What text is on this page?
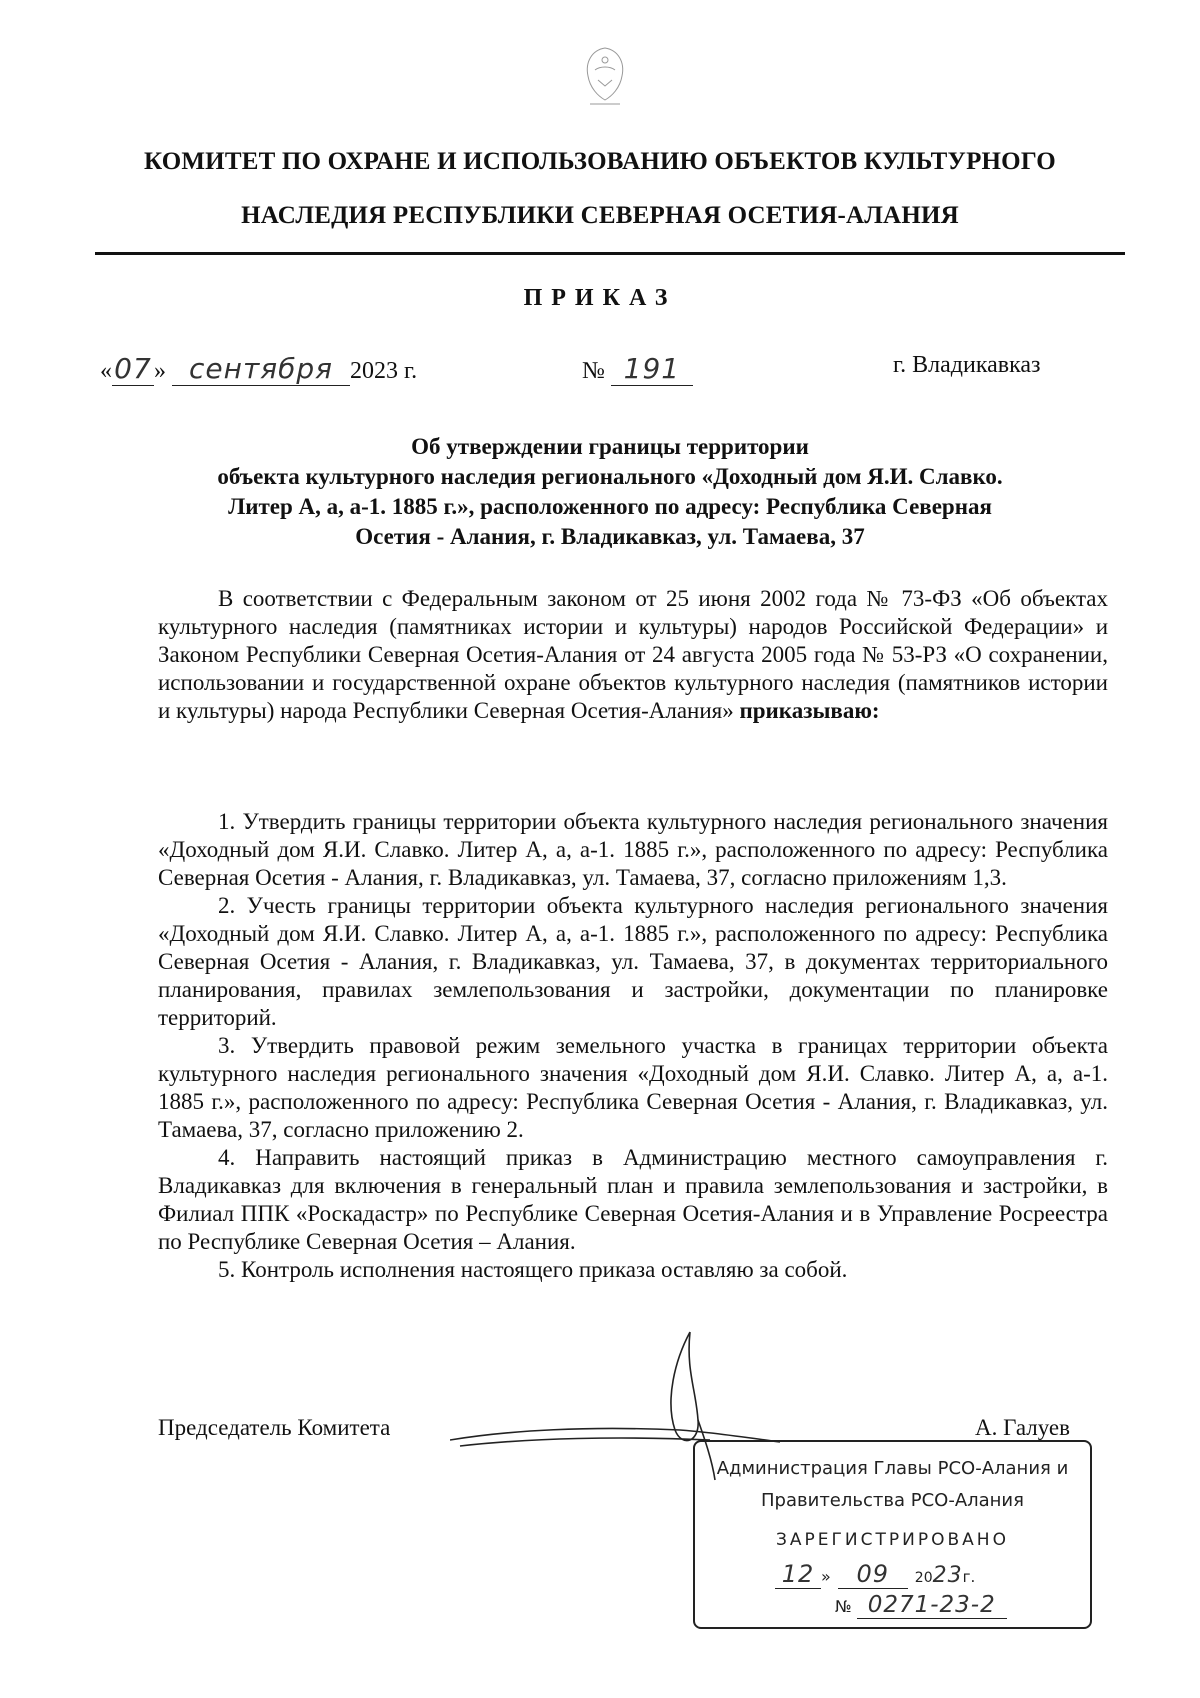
КОМИТЕТ ПО ОХРАНЕ И ИСПОЛЬЗОВАНИЮ ОБЪЕКТОВ КУЛЬТУРНОГО
НАСЛЕДИЯ РЕСПУБЛИКИ СЕВЕРНАЯ ОСЕТИЯ-АЛАНИЯ
ПРИКАЗ
«07» сентября 2023 г.	№ 191	г. Владикавказ
Об утверждении границы территории
объекта культурного наследия регионального «Доходный дом Я.И. Славко.
Литер А, а, а-1. 1885 г.», расположенного по адресу: Республика Северная
Осетия - Алания, г. Владикавказ, ул. Тамаева, 37

В соответствии с Федеральным законом от 25 июня 2002 года № 73-ФЗ «Об объектах культурного наследия (памятниках истории и культуры) народов Российской Федерации» и Законом Республики Северная Осетия-Алания от 24 августа 2005 года № 53-РЗ «О сохранении, использовании и государственной охране объектов культурного наследия (памятников истории и культуры) народа Республики Северная Осетия-Алания» приказываю:

1. Утвердить границы территории объекта культурного наследия регионального значения «Доходный дом Я.И. Славко. Литер А, а, а-1. 1885 г.», расположенного по адресу: Республика Северная Осетия - Алания, г. Владикавказ, ул. Тамаева, 37, согласно приложениям 1,3.

2. Учесть границы территории объекта культурного наследия регионального значения «Доходный дом Я.И. Славко. Литер А, а, а-1. 1885 г.», расположенного по адресу: Республика Северная Осетия - Алания, г. Владикавказ, ул. Тамаева, 37, в документах территориального планирования, правилах землепользования и застройки, документации по планировке территорий.

3. Утвердить правовой режим земельного участка в границах территории объекта культурного наследия регионального значения «Доходный дом Я.И. Славко. Литер А, а, а-1. 1885 г.», расположенного по адресу: Республика Северная Осетия - Алания, г. Владикавказ, ул. Тамаева, 37, согласно приложению 2.

4. Направить настоящий приказ в Администрацию местного самоуправления г. Владикавказ для включения в генеральный план и правила землепользования и застройки, в Филиал ППК «Роскадастр» по Республике Северная Осетия-Алания и в Управление Росреестра по Республике Северная Осетия – Алания.

5. Контроль исполнения настоящего приказа оставляю за собой.

Председатель Комитета	А. Галуев
Администрация Главы РСО-Алания и
Правительства РСО-Алания
ЗАРЕГИСТРИРОВАНО
12 » 09 2023г.
№ 0271-23-2
